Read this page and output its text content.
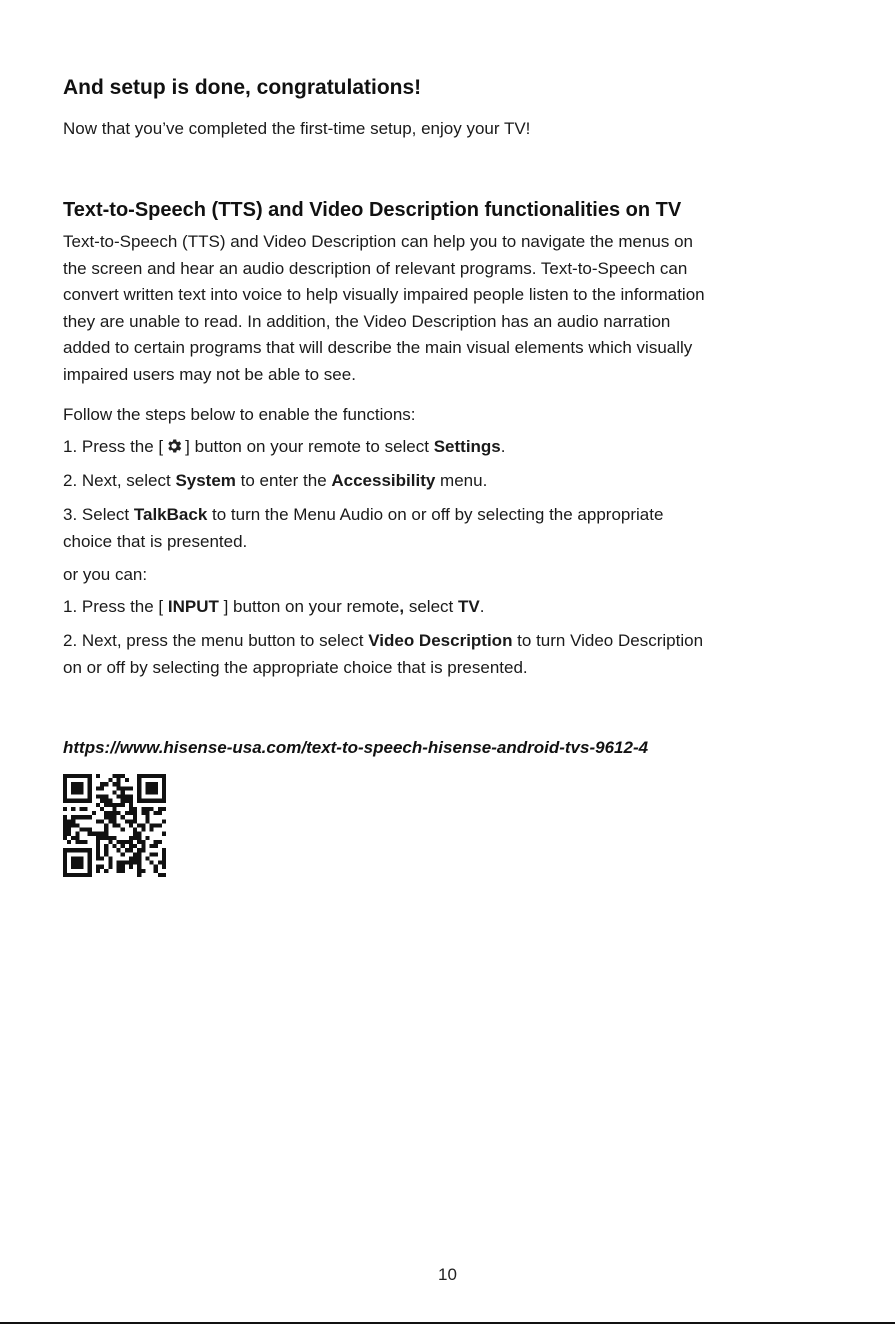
And setup is done, congratulations!

Now that you’ve completed the first-time setup, enjoy your TV!

Text-to-Speech (TTS) and Video Description functionalities on TV

Text-to-Speech (TTS) and Video Description can help you to navigate the menus on
the screen and hear an audio description of relevant programs. Text-to-Speech can
convert written text into voice to help visually impaired people listen to the information
they are unable to read. In addition, the Video Description has an audio narration
added to certain programs that will describe the main visual elements which visually
impaired users may not be able to see.

Follow the steps below to enable the functions:

1. Press the [ ] button on your remote to select Settings.

2. Next, select System to enter the Accessibility menu.

3. Select TalkBack to turn the Menu Audio on or off by selecting the appropriate
choice that is presented.

or you can:

1. Press the [ INPUT ] button on your remote, select TV.

2. Next, press the menu button to select Video Description to turn Video Description
on or off by selecting the appropriate choice that is presented.

https://www.hisense-usa.com/text-to-speech-hisense-android-tvs-9612-4

10
